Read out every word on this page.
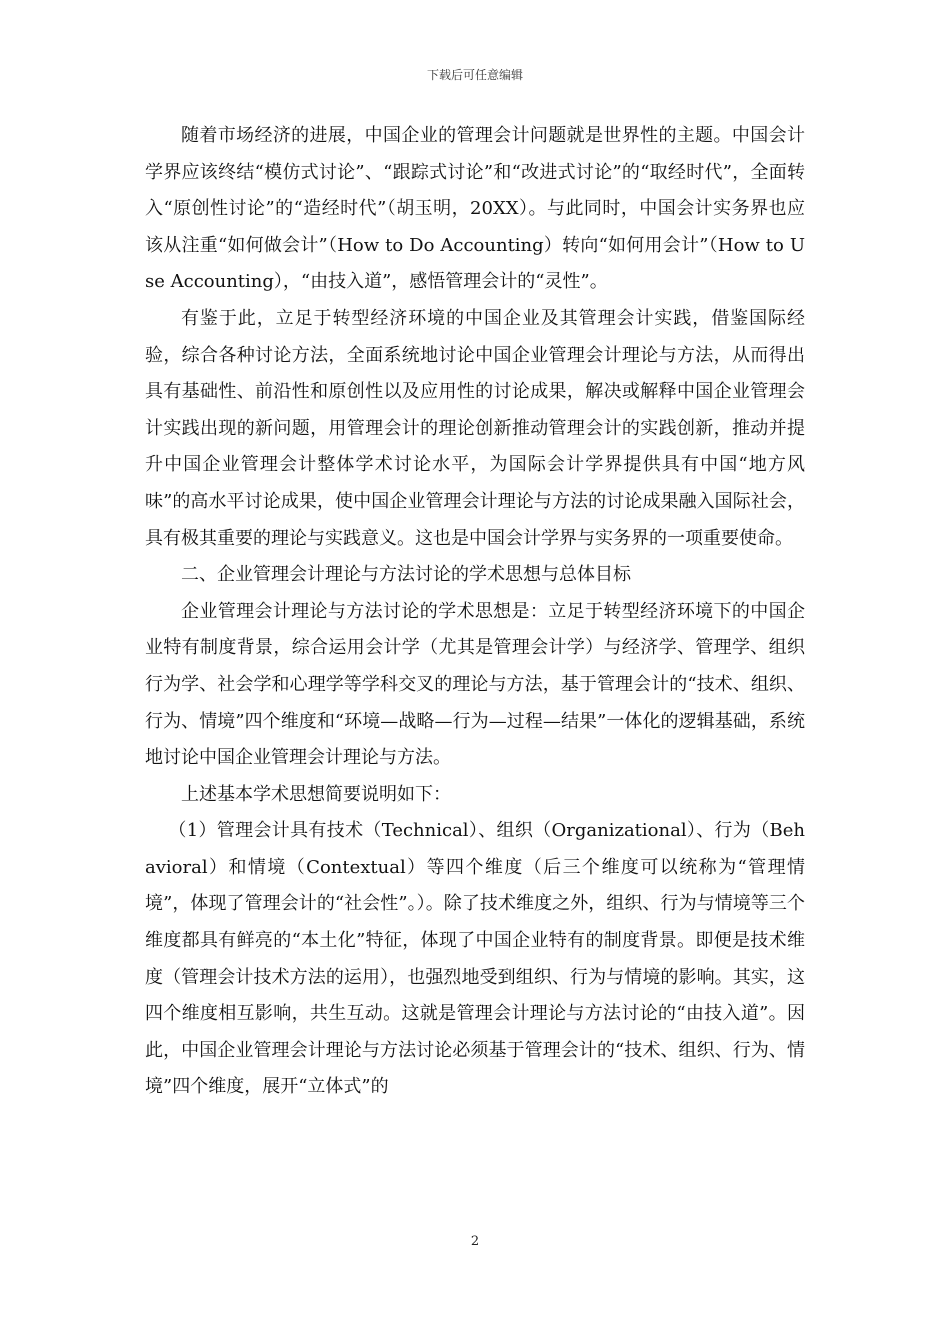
下载后可任意编辑

随着市场经济的进展，中国企业的管理会计问题就是世界性的主题。中国会计学界应该终结“模仿式讨论”、“跟踪式讨论”和“改进式讨论”的“取经时代”，全面转入“原创性讨论”的“造经时代”（胡玉明，20XX）。与此同时，中国会计实务界也应该从注重“如何做会计”（How to Do Accounting）转向“如何用会计”（How to Use Accounting），“由技入道”，感悟管理会计的“灵性”。

有鉴于此，立足于转型经济环境的中国企业及其管理会计实践，借鉴国际经验，综合各种讨论方法，全面系统地讨论中国企业管理会计理论与方法，从而得出具有基础性、前沿性和原创性以及应用性的讨论成果，解决或解释中国企业管理会计实践出现的新问题，用管理会计的理论创新推动管理会计的实践创新，推动并提升中国企业管理会计整体学术讨论水平，为国际会计学界提供具有中国“地方风味”的高水平讨论成果，使中国企业管理会计理论与方法的讨论成果融入国际社会，具有极其重要的理论与实践意义。这也是中国会计学界与实务界的一项重要使命。

二、企业管理会计理论与方法讨论的学术思想与总体目标

企业管理会计理论与方法讨论的学术思想是：立足于转型经济环境下的中国企业特有制度背景，综合运用会计学（尤其是管理会计学）与经济学、管理学、组织行为学、社会学和心理学等学科交叉的理论与方法，基于管理会计的“技术、组织、行为、情境”四个维度和“环境—战略—行为—过程—结果”一体化的逻辑基础，系统地讨论中国企业管理会计理论与方法。

上述基本学术思想简要说明如下：

（1）管理会计具有技术（Technical）、组织（Organizational）、行为（Behavioral）和情境（Contextual）等四个维度（后三个维度可以统称为“管理情境”，体现了管理会计的“社会性”。）。除了技术维度之外，组织、行为与情境等三个维度都具有鲜亮的“本土化”特征，体现了中国企业特有的制度背景。即便是技术维度（管理会计技术方法的运用），也强烈地受到组织、行为与情境的影响。其实，这四个维度相互影响，共生互动。这就是管理会计理论与方法讨论的“由技入道”。因此，中国企业管理会计理论与方法讨论必须基于管理会计的“技术、组织、行为、情境”四个维度，展开“立体式”的

2
